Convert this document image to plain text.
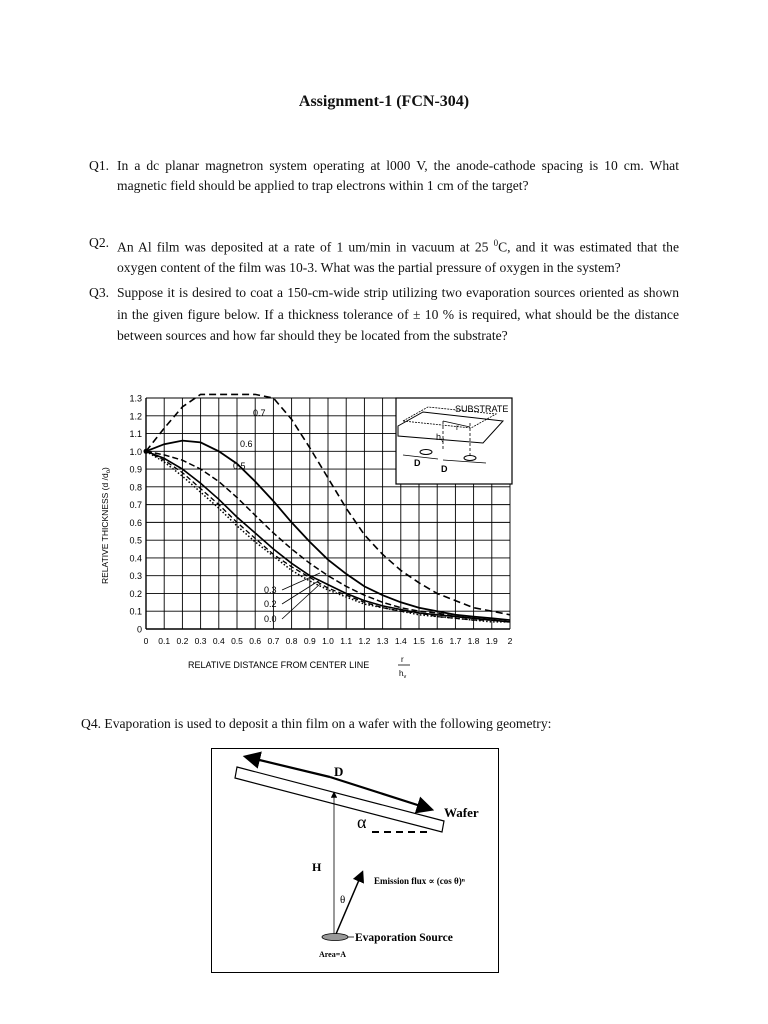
Assignment-1 (FCN-304)
Q1. In a dc planar magnetron system operating at l000 V, the anode-cathode spacing is 10 cm. What magnetic field should be applied to trap electrons within 1 cm of the target?
Q2. An Al film was deposited at a rate of 1 um/min in vacuum at 25 $^0$C, and it was estimated that the oxygen content of the film was 10-3. What was the partial pressure of oxygen in the system?
Q3. Suppose it is desired to coat a 150-cm-wide strip utilizing two evaporation sources oriented as shown in the given figure below. If a thickness tolerance of ± 10 % is required, what should be the distance between sources and how far should they be located from the substrate?
0
0.1
0.2
0.3
0.4
0.5
0.6
0.7
0.8
0.9
1.0
1.1
1.2
1.3
0 0.1 0.2 0.3 0.4 0.5 0.6 0.7 0.8 0.9 1.0 1.1 1.2 1.3 1.4 1.5 1.6 1.7 1.8 1.9 2
SUBSTRATE
$h_v$
r
D
D
0.7
0.6
0.5
0.3
0.2
0.0
RELATIVE THICKNESS (d $/d_o$)
RELATIVE DISTANCE FROM CENTER LINE
r
$h_v$
Q4. Evaporation is used to deposit a thin film on a wafer with the following geometry:
D
Wafer
α
H
θ
Emission flux ∝ (cos θ)ⁿ
Evaporation Source
Area=A
